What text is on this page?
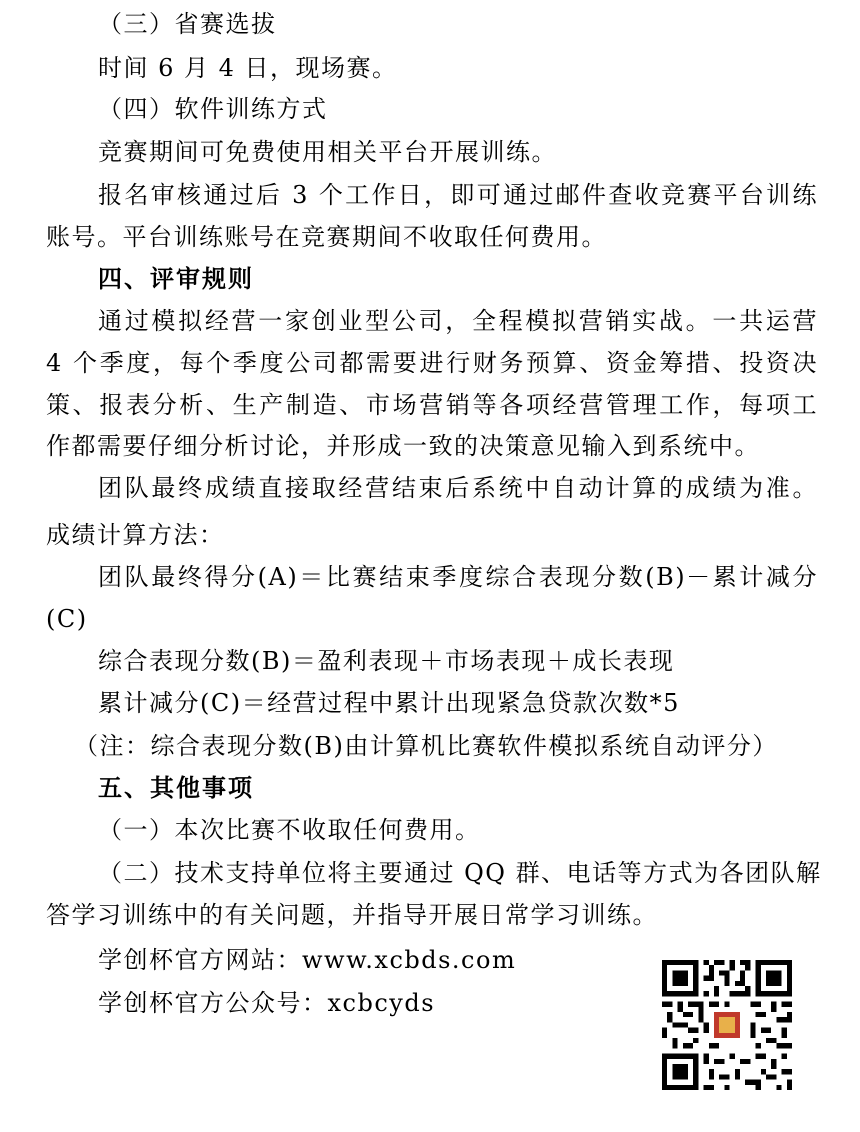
（三）省赛选拔
时间 6 月 4 日，现场赛。
（四）软件训练方式
竞赛期间可免费使用相关平台开展训练。
报名审核通过后 3 个工作日，即可通过邮件查收竞赛平台训练
账号。平台训练账号在竞赛期间不收取任何费用。
四、评审规则
通过模拟经营一家创业型公司，全程模拟营销实战。一共运营
4 个季度，每个季度公司都需要进行财务预算、资金筹措、投资决
策、报表分析、生产制造、市场营销等各项经营管理工作，每项工
作都需要仔细分析讨论，并形成一致的决策意见输入到系统中。
团队最终成绩直接取经营结束后系统中自动计算的成绩为准。
成绩计算方法：
团队最终得分(A)＝比赛结束季度综合表现分数(B)－累计减分
(C)
综合表现分数(B)＝盈利表现＋市场表现＋成长表现
累计减分(C)＝经营过程中累计出现紧急贷款次数*5
（注：综合表现分数(B)由计算机比赛软件模拟系统自动评分）
五、其他事项
（一）本次比赛不收取任何费用。
（二）技术支持单位将主要通过 QQ 群、电话等方式为各团队解
答学习训练中的有关问题，并指导开展日常学习训练。
学创杯官方网站：www.xcbds.com
学创杯官方公众号：xcbcyds
